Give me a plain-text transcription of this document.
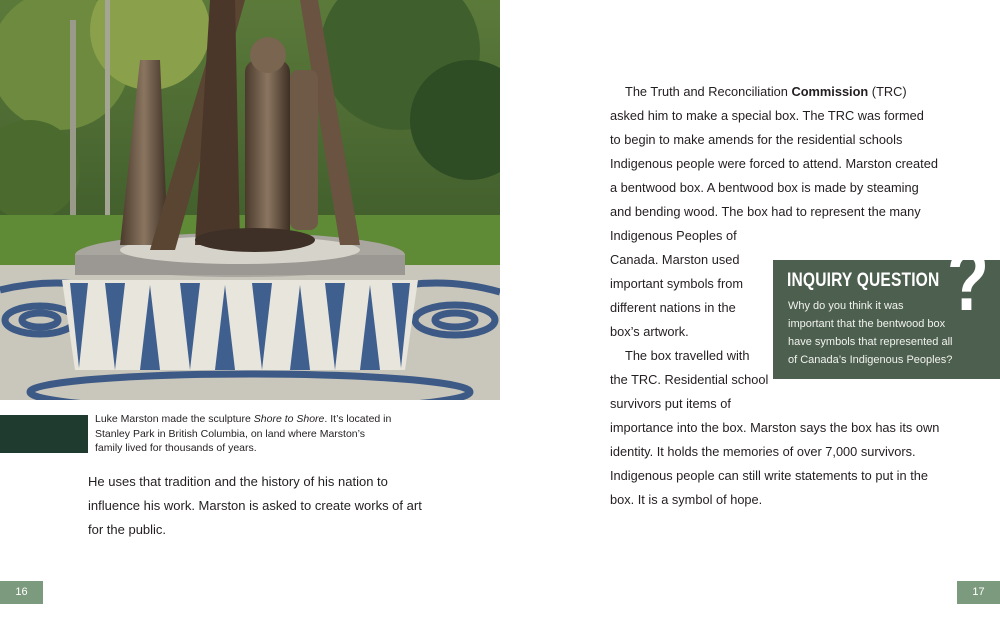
Luke Marston made the sculpture Shore to Shore. It’s located in Stanley Park in British Columbia, on land where Marston’s family lived for thousands of years.
He uses that tradition and the history of his nation to
influence his work. Marston is asked to create works of art
for the public.
The Truth and Reconciliation Commission (TRC)
asked him to make a special box. The TRC was formed
to begin to make amends for the residential schools
Indigenous people were forced to attend. Marston created
a bentwood box. A bentwood box is made by steaming
and bending wood. The box had to represent the many
Indigenous Peoples of
Canada. Marston used
important symbols from
different nations in the
box’s artwork.
The box travelled with
the TRC. Residential school
survivors put items of
importance into the box. Marston says the box has its own
identity. It holds the memories of over 7,000 survivors.
Indigenous people can still write statements to put in the
box. It is a symbol of hope.
INQUIRY QUESTION
Why do you think it was
important that the bentwood box
have symbols that represented all
of Canada’s Indigenous Peoples?
?
16	17
